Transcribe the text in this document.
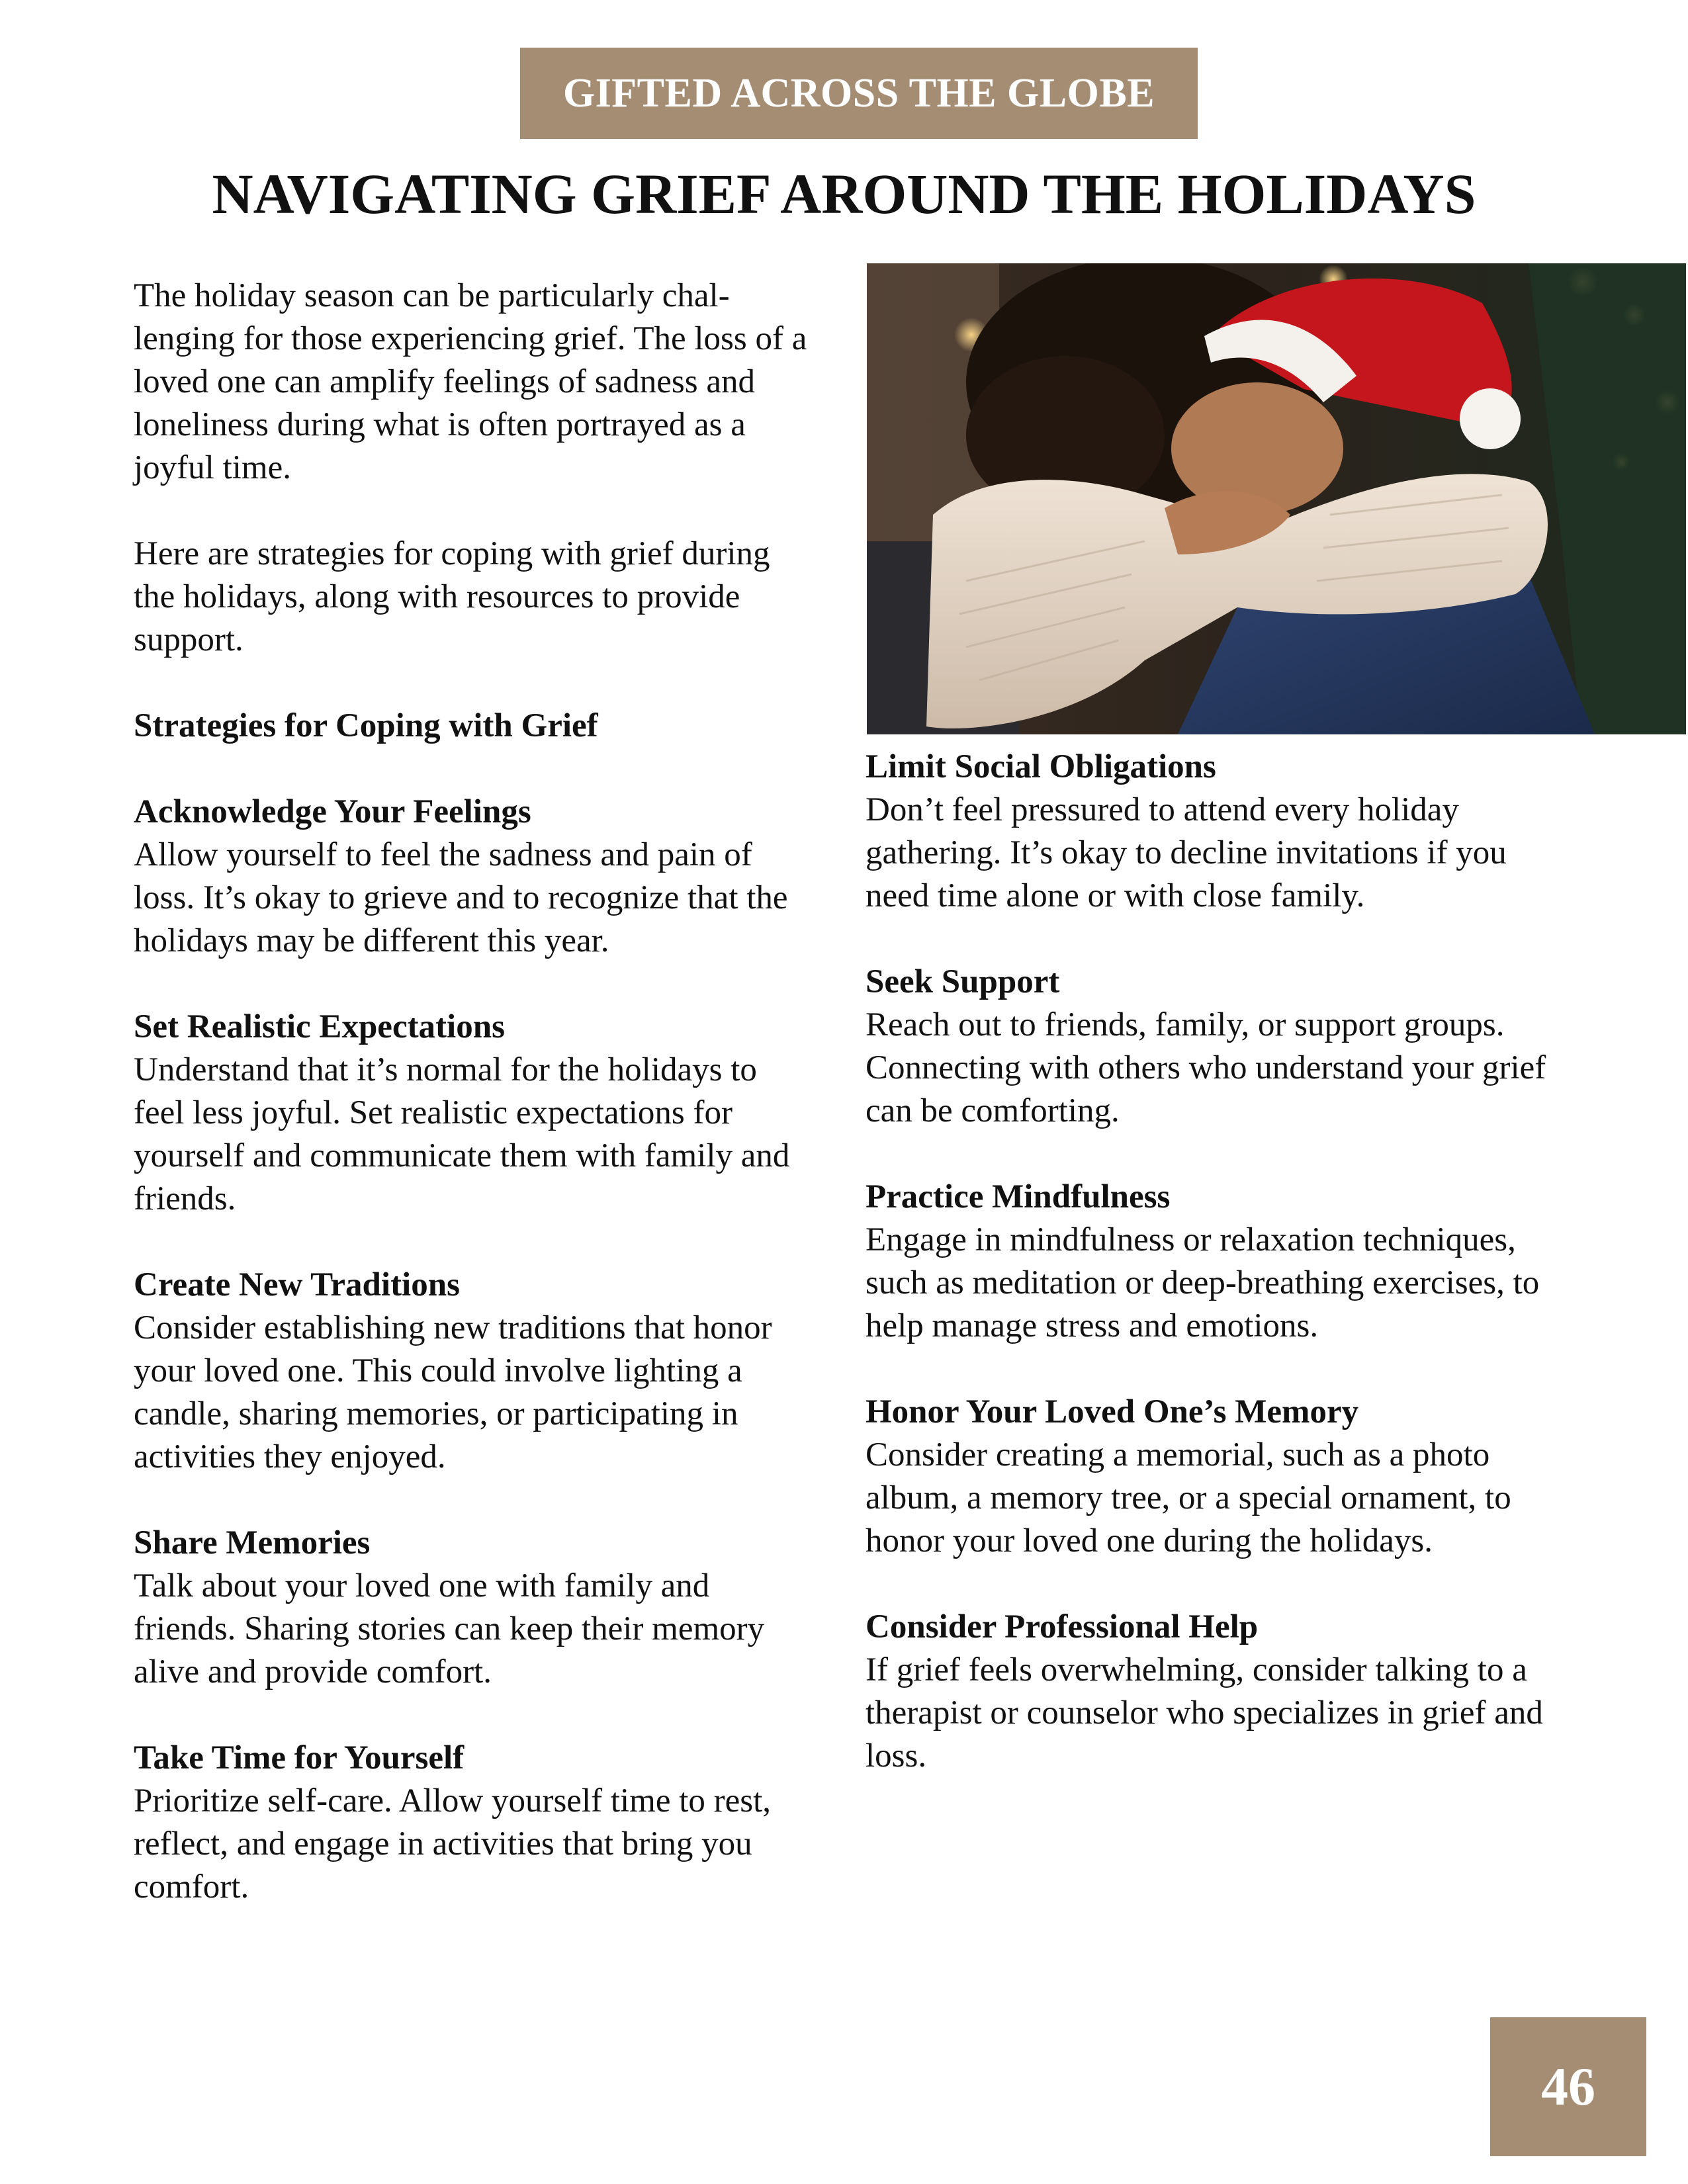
GIFTED ACROSS THE GLOBE
NAVIGATING GRIEF AROUND THE HOLIDAYS

The holiday season can be particularly challenging for those experiencing grief. The loss of a loved one can amplify feelings of sadness and loneliness during what is often portrayed as a joyful time.

Here are strategies for coping with grief during the holidays, along with resources to provide support.

Strategies for Coping with Grief

Acknowledge Your Feelings
Allow yourself to feel the sadness and pain of loss. It’s okay to grieve and to recognize that the holidays may be different this year.
Set Realistic Expectations
Understand that it’s normal for the holidays to feel less joyful. Set realistic expectations for yourself and communicate them with family and friends.
Create New Traditions
Consider establishing new traditions that honor your loved one. This could involve lighting a candle, sharing memories, or participating in activities they enjoyed.
Share Memories
Talk about your loved one with family and friends. Sharing stories can keep their memory alive and provide comfort.
Take Time for Yourself
Prioritize self-care. Allow yourself time to rest, reflect, and engage in activities that bring you comfort.
Limit Social Obligations
Don’t feel pressured to attend every holiday gathering. It’s okay to decline invitations if you need time alone or with close family.
Seek Support
Reach out to friends, family, or support groups. Connecting with others who understand your grief can be comforting.
Practice Mindfulness
Engage in mindfulness or relaxation techniques, such as meditation or deep-breathing exercises, to help manage stress and emotions.
Honor Your Loved One’s Memory
Consider creating a memorial, such as a photo album, a memory tree, or a special ornament, to honor your loved one during the holidays.
Consider Professional Help
If grief feels overwhelming, consider talking to a therapist or counselor who specializes in grief and loss.
46
